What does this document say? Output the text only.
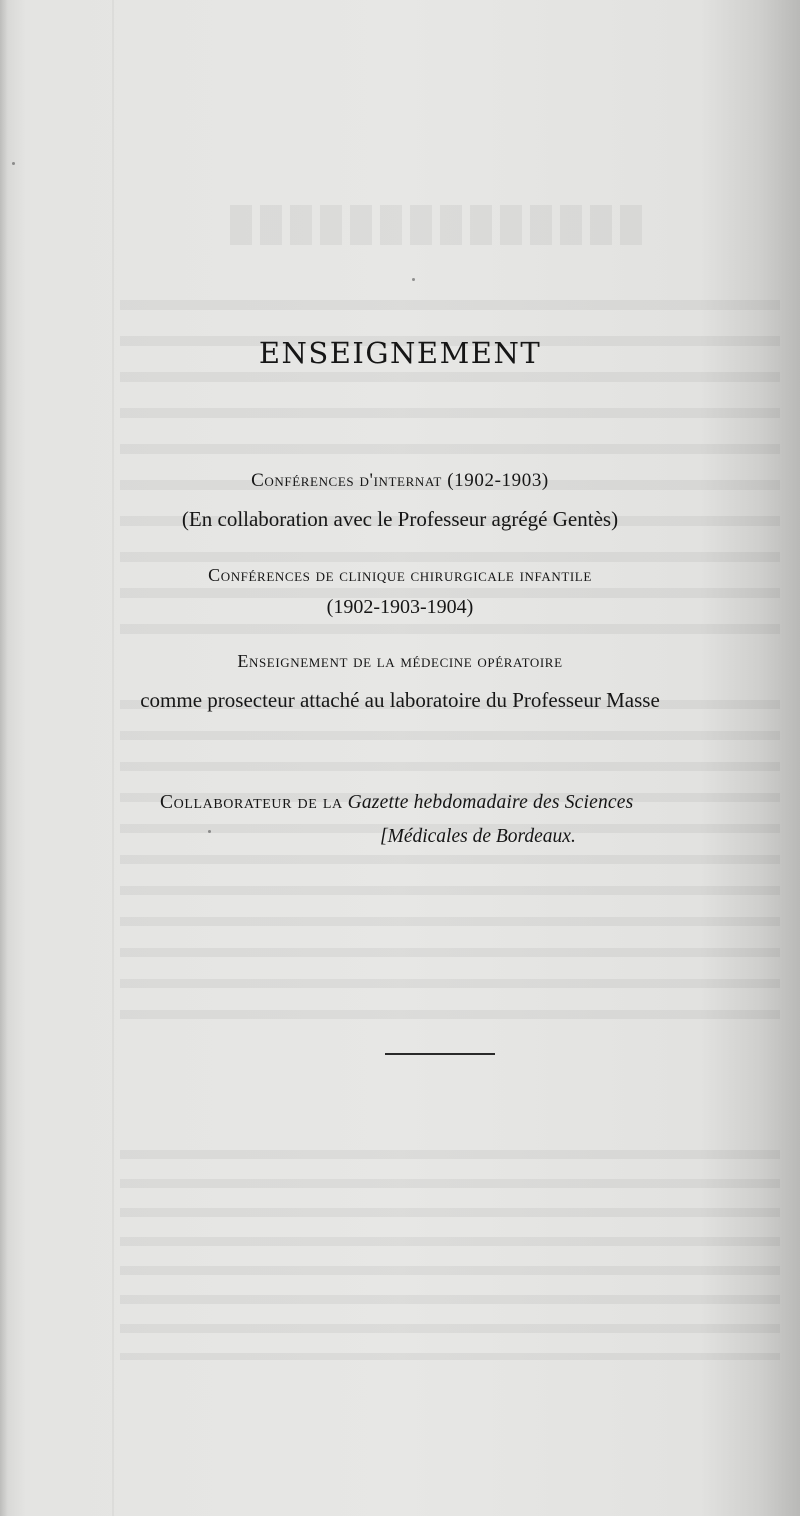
ENSEIGNEMENT
Conférences d'internat (1902-1903)
(En collaboration avec le Professeur agrégé Gentès)
Conférences de clinique chirurgicale infantile
(1902-1903-1904)
Enseignement de la médecine opératoire
comme prosecteur attaché au laboratoire du Professeur Masse
Collaborateur de la Gazette hebdomadaire des Sciences
[Médicales de Bordeaux.
